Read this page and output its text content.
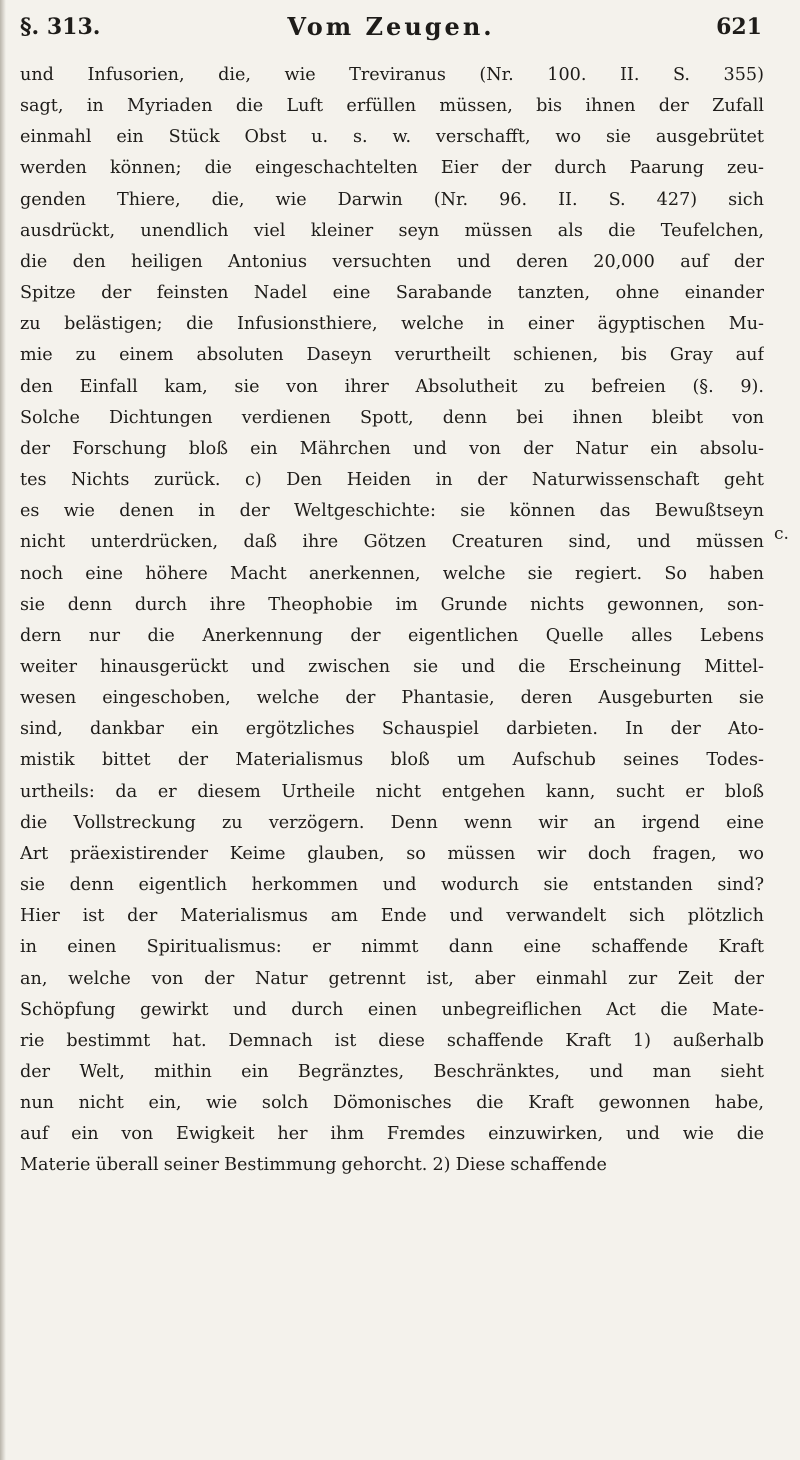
§. 313.	Vom Zeugen.	621

und Infusorien, die, wie Treviranus (Nr. 100. II. S. 355)
sagt, in Myriaden die Luft erfüllen müssen, bis ihnen der Zufall
einmahl ein Stück Obst u. s. w. verschafft, wo sie ausgebrütet
werden können; die eingeschachtelten Eier der durch Paarung zeu-
genden Thiere, die, wie Darwin (Nr. 96. II. S. 427) sich
ausdrückt, unendlich viel kleiner seyn müssen als die Teufelchen,
die den heiligen Antonius versuchten und deren 20,000 auf der
Spitze der feinsten Nadel eine Sarabande tanzten, ohne einander
zu belästigen; die Infusionsthiere, welche in einer ägyptischen Mu-
mie zu einem absoluten Daseyn verurtheilt schienen, bis Gray auf
den Einfall kam, sie von ihrer Absolutheit zu befreien (§. 9).
Solche Dichtungen verdienen Spott, denn bei ihnen bleibt von
der Forschung bloß ein Mährchen und von der Natur ein absolu-
tes Nichts zurück. c) Den Heiden in der Naturwissenschaft geht
es wie denen in der Weltgeschichte: sie können das Bewußtseyn
nicht unterdrücken, daß ihre Götzen Creaturen sind, und müssen
noch eine höhere Macht anerkennen, welche sie regiert. So haben
sie denn durch ihre Theophobie im Grunde nichts gewonnen, son-
dern nur die Anerkennung der eigentlichen Quelle alles Lebens
weiter hinausgerückt und zwischen sie und die Erscheinung Mittel-
wesen eingeschoben, welche der Phantasie, deren Ausgeburten sie
sind, dankbar ein ergötzliches Schauspiel darbieten. In der Ato-
mistik bittet der Materialismus bloß um Aufschub seines Todes-
urtheils: da er diesem Urtheile nicht entgehen kann, sucht er bloß
die Vollstreckung zu verzögern. Denn wenn wir an irgend eine
Art präexistirender Keime glauben, so müssen wir doch fragen, wo
sie denn eigentlich herkommen und wodurch sie entstanden sind?
Hier ist der Materialismus am Ende und verwandelt sich plötzlich
in einen Spiritualismus: er nimmt dann eine schaffende Kraft
an, welche von der Natur getrennt ist, aber einmahl zur Zeit der
Schöpfung gewirkt und durch einen unbegreiflichen Act die Mate-
rie bestimmt hat. Demnach ist diese schaffende Kraft 1) außerhalb
der Welt, mithin ein Begränztes, Beschränktes, und man sieht
nun nicht ein, wie solch Dömonisches die Kraft gewonnen habe,
auf ein von Ewigkeit her ihm Fremdes einzuwirken, und wie die
Materie überall seiner Bestimmung gehorcht. 2) Diese schaffende

c.
